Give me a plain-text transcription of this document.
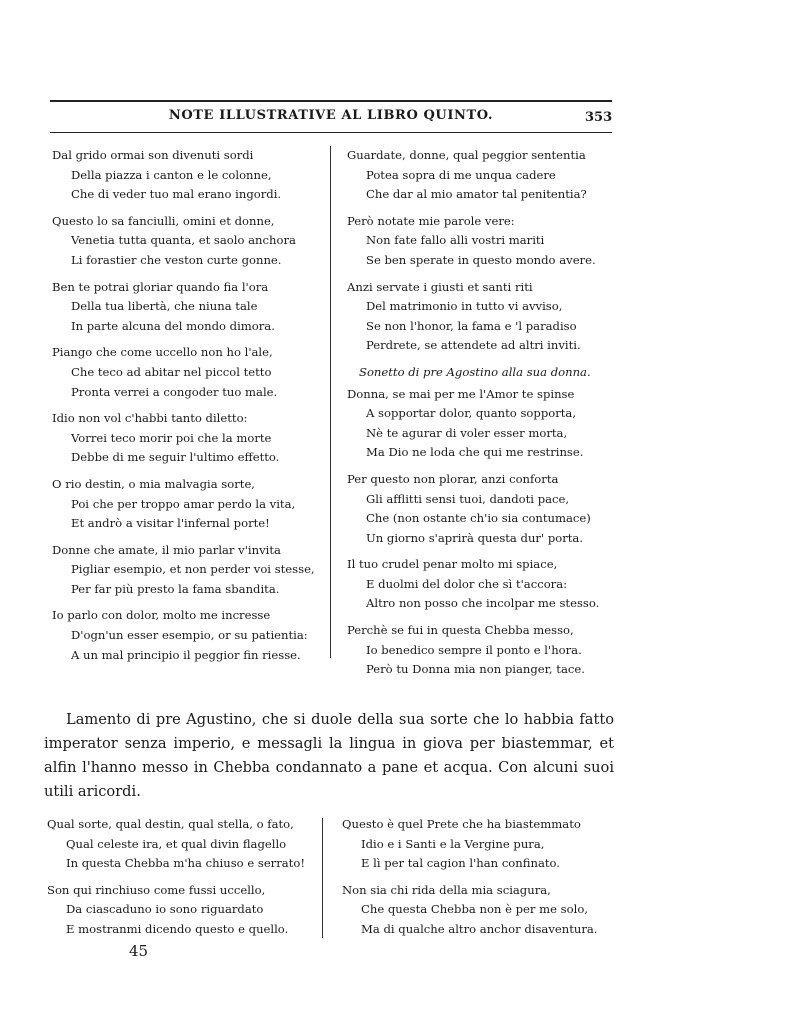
NOTE ILLUSTRATIVE AL LIBRO QUINTO.	353
Dal grido ormai son divenuti sordi
Della piazza i canton e le colonne,
Che di veder tuo mal erano ingordi.
Questo lo sa fanciulli, omini et donne,
Venetia tutta quanta, et saolo anchora
Li forastier che veston curte gonne.
Ben te potrai gloriar quando fia l'ora
Della tua libertà, che niuna tale
In parte alcuna del mondo dimora.
Piango che come uccello non ho l'ale,
Che teco ad abitar nel piccol tetto
Pronta verrei a congoder tuo male.
Idio non vol c'habbi tanto diletto:
Vorrei teco morir poi che la morte
Debbe di me seguir l'ultimo effetto.
O rio destin, o mia malvagia sorte,
Poi che per troppo amar perdo la vita,
Et andrò a visitar l'infernal porte!
Donne che amate, il mio parlar v'invita
Pigliar esempio, et non perder voi stesse,
Per far più presto la fama sbandita.
Io parlo con dolor, molto me incresse
D'ogn'un esser esempio, or su patientia:
A un mal principio il peggior fin riesse.
Guardate, donne, qual peggior sententia
Potea sopra di me unqua cadere
Che dar al mio amator tal penitentia?
Però notate mie parole vere:
Non fate fallo alli vostri mariti
Se ben sperate in questo mondo avere.
Anzi servate i giusti et santi riti
Del matrimonio in tutto vi avviso,
Se non l'honor, la fama e 'l paradiso
Perdrete, se attendete ad altri inviti.
Sonetto di pre Agostino alla sua donna.
Donna, se mai per me l'Amor te spinse
A sopportar dolor, quanto sopporta,
Nè te agurar di voler esser morta,
Ma Dio ne loda che qui me restrinse.
Per questo non plorar, anzi conforta
Gli afflitti sensi tuoi, dandoti pace,
Che (non ostante ch'io sia contumace)
Un giorno s'aprirà questa dur' porta.
Il tuo crudel penar molto mi spiace,
E duolmi del dolor che sì t'accora:
Altro non posso che incolpar me stesso.
Perchè se fui in questa Chebba messo,
Io benedico sempre il ponto e l'hora.
Però tu Donna mia non pianger, tace.
Lamento di pre Agustino, che si duole della sua sorte che lo habbia fatto imperator senza imperio, e messagli la lingua in giova per biastemmar, et alfin l'hanno messo in Chebba condannato a pane et acqua. Con alcuni suoi utili aricordi.
Qual sorte, qual destin, qual stella, o fato,
Qual celeste ira, et qual divin flagello
In questa Chebba m'ha chiuso e serrato!
Son qui rinchiuso come fussi uccello,
Da ciascaduno io sono riguardato
E mostranmi dicendo questo e quello.
Questo è quel Prete che ha biastemmato
Idio e i Santi e la Vergine pura,
E lì per tal cagion l'han confinato.
Non sia chi rida della mia sciagura,
Che questa Chebba non è per me solo,
Ma di qualche altro anchor disaventura.
45
